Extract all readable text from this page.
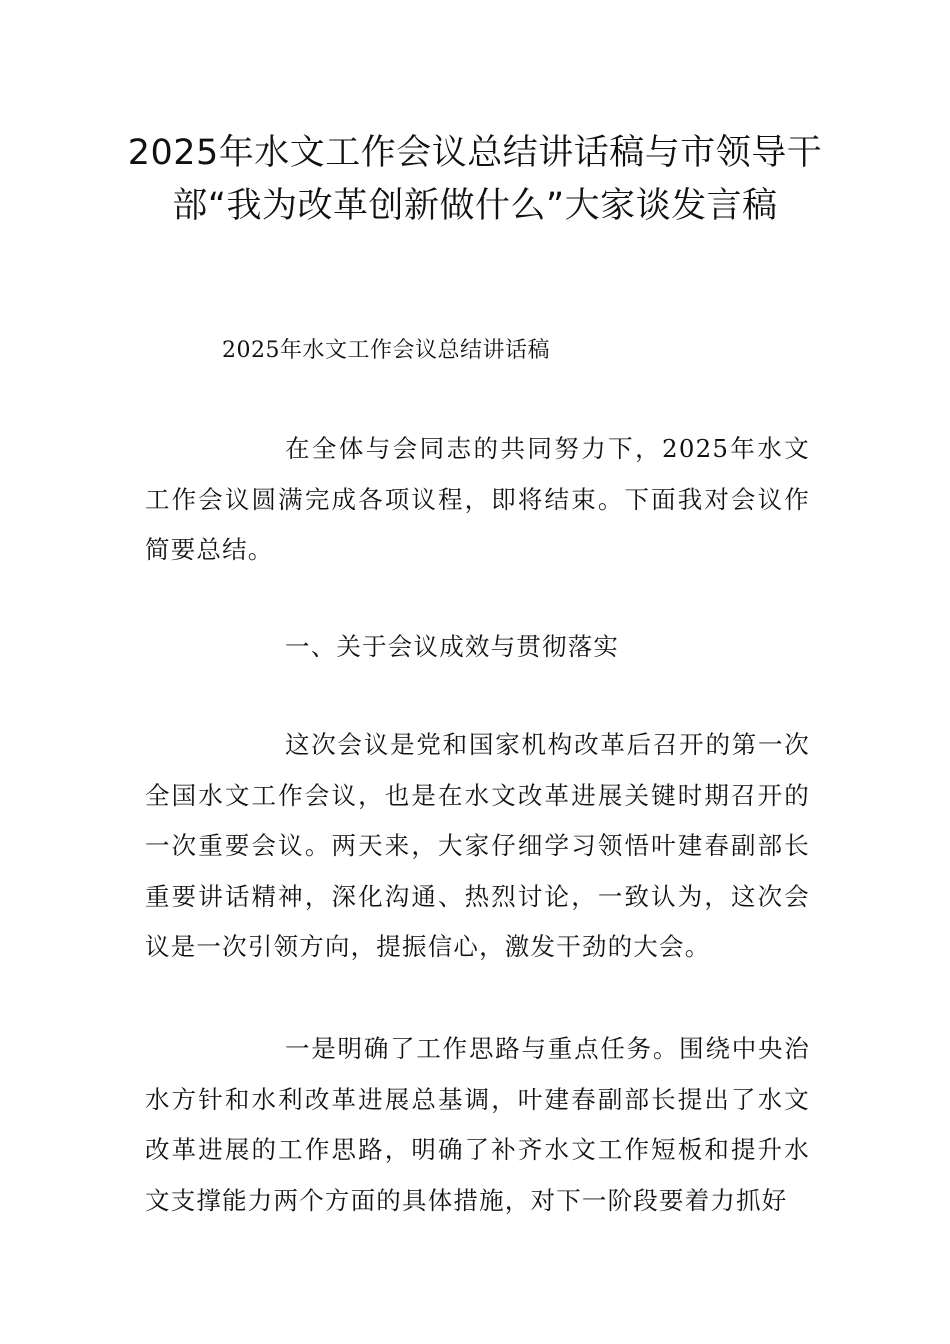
2025年水文工作会议总结讲话稿与市领导干部“我为改革创新做什么”大家谈发言稿

2025年水文工作会议总结讲话稿

在全体与会同志的共同努力下，2025年水文工作会议圆满完成各项议程，即将结束。下面我对会议作简要总结。

一、关于会议成效与贯彻落实

这次会议是党和国家机构改革后召开的第一次全国水文工作会议，也是在水文改革进展关键时期召开的一次重要会议。两天来，大家仔细学习领悟叶建春副部长重要讲话精神，深化沟通、热烈讨论，一致认为，这次会议是一次引领方向，提振信心，激发干劲的大会。

一是明确了工作思路与重点任务。围绕中央治水方针和水利改革进展总基调，叶建春副部长提出了水文改革进展的工作思路，明确了补齐水文工作短板和提升水文支撑能力两个方面的具体措施，对下一阶段要着力抓好
